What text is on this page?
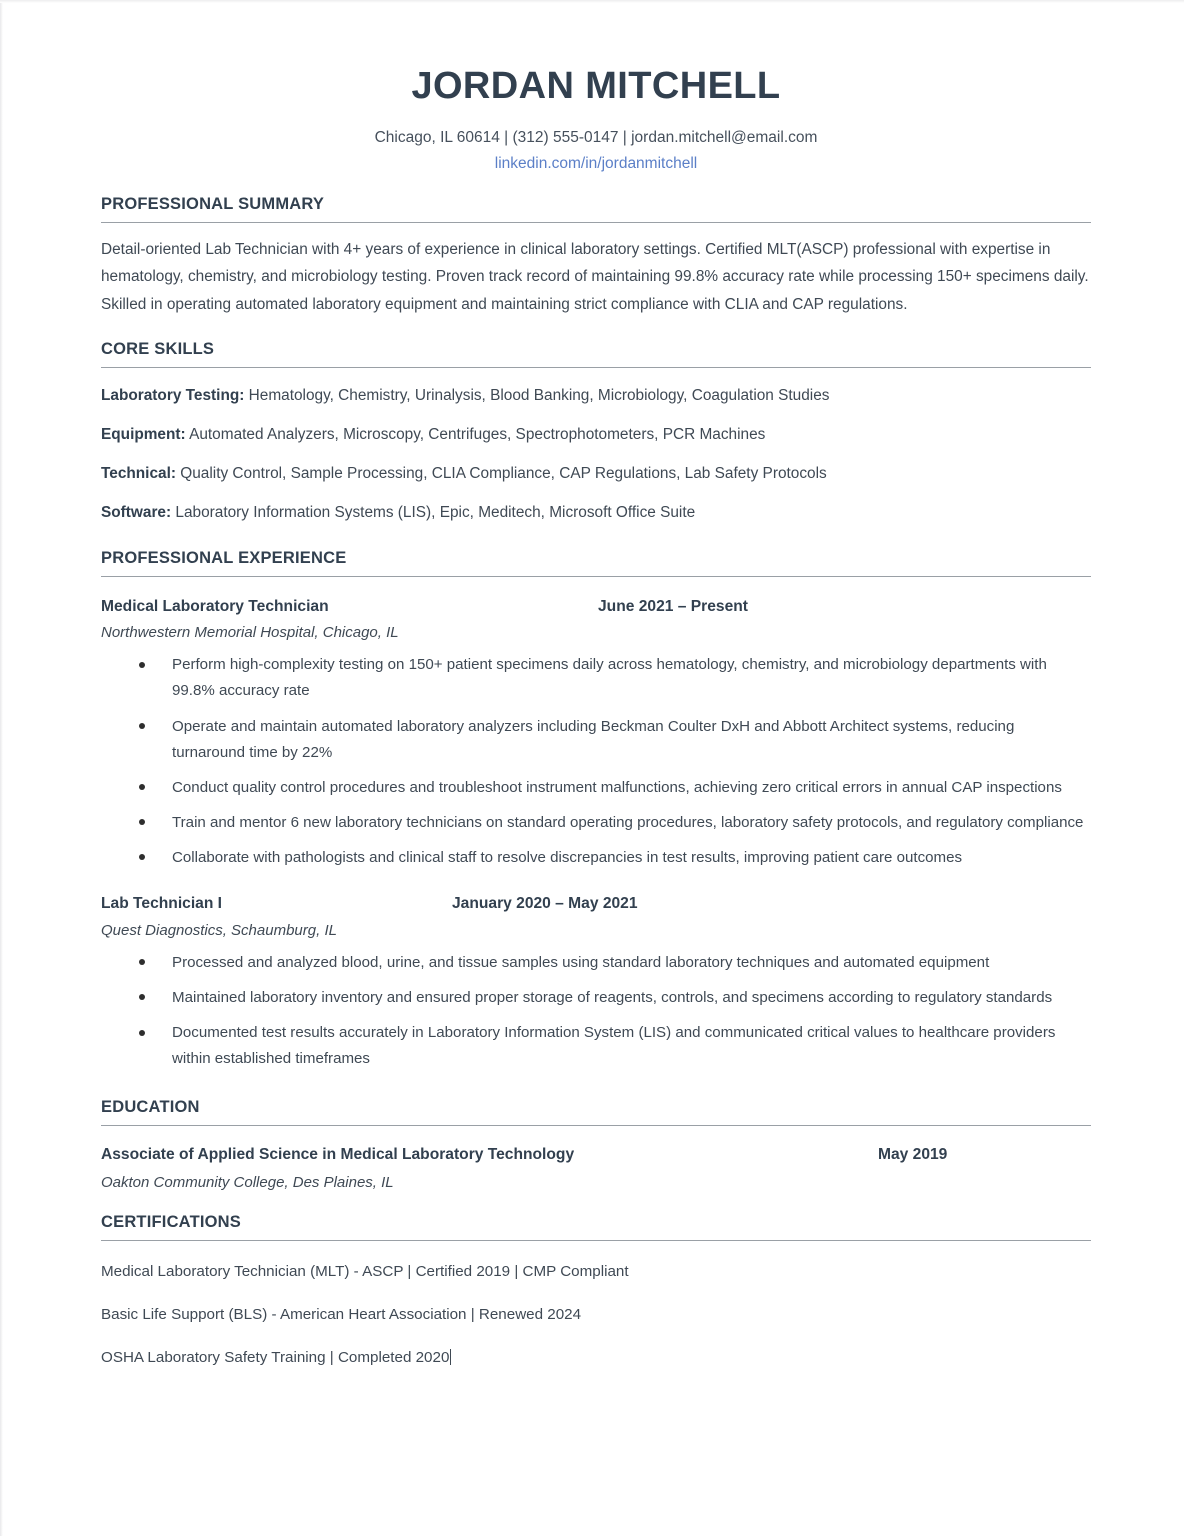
JORDAN MITCHELL
Chicago, IL 60614 | (312) 555-0147 | jordan.mitchell@email.com
linkedin.com/in/jordanmitchell
PROFESSIONAL SUMMARY
Detail-oriented Lab Technician with 4+ years of experience in clinical laboratory settings. Certified MLT(ASCP) professional with expertise in hematology, chemistry, and microbiology testing. Proven track record of maintaining 99.8% accuracy rate while processing 150+ specimens daily. Skilled in operating automated laboratory equipment and maintaining strict compliance with CLIA and CAP regulations.
CORE SKILLS
Laboratory Testing: Hematology, Chemistry, Urinalysis, Blood Banking, Microbiology, Coagulation Studies
Equipment: Automated Analyzers, Microscopy, Centrifuges, Spectrophotometers, PCR Machines
Technical: Quality Control, Sample Processing, CLIA Compliance, CAP Regulations, Lab Safety Protocols
Software: Laboratory Information Systems (LIS), Epic, Meditech, Microsoft Office Suite
PROFESSIONAL EXPERIENCE
Medical Laboratory Technician	June 2021 – Present
Northwestern Memorial Hospital, Chicago, IL
Perform high-complexity testing on 150+ patient specimens daily across hematology, chemistry, and microbiology departments with 99.8% accuracy rate
Operate and maintain automated laboratory analyzers including Beckman Coulter DxH and Abbott Architect systems, reducing turnaround time by 22%
Conduct quality control procedures and troubleshoot instrument malfunctions, achieving zero critical errors in annual CAP inspections
Train and mentor 6 new laboratory technicians on standard operating procedures, laboratory safety protocols, and regulatory compliance
Collaborate with pathologists and clinical staff to resolve discrepancies in test results, improving patient care outcomes
Lab Technician I	January 2020 – May 2021
Quest Diagnostics, Schaumburg, IL
Processed and analyzed blood, urine, and tissue samples using standard laboratory techniques and automated equipment
Maintained laboratory inventory and ensured proper storage of reagents, controls, and specimens according to regulatory standards
Documented test results accurately in Laboratory Information System (LIS) and communicated critical values to healthcare providers within established timeframes
EDUCATION
Associate of Applied Science in Medical Laboratory Technology	May 2019
Oakton Community College, Des Plaines, IL
CERTIFICATIONS
Medical Laboratory Technician (MLT) - ASCP | Certified 2019 | CMP Compliant
Basic Life Support (BLS) - American Heart Association | Renewed 2024
OSHA Laboratory Safety Training | Completed 2020
